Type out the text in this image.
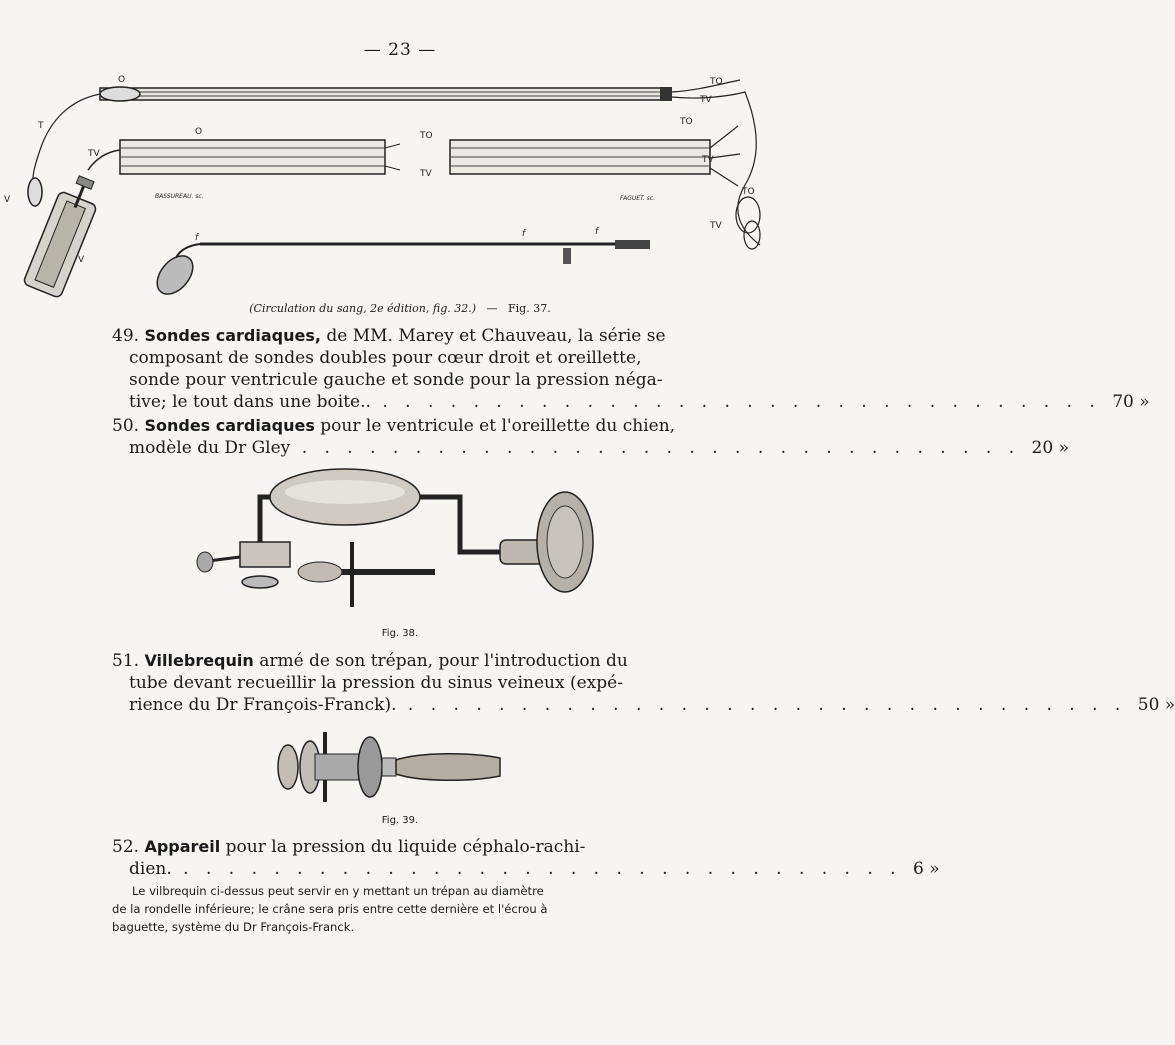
— 23 —
O	TO
TV
T
TV
O	TO
TV
TO
TV
TO
TV
V
V
BASSUREAU. sc.	FAGUET. sc.
f	f	f
(Circulation du sang, 2e édition, fig. 32.) — Fig. 37.
49. Sondes cardiaques, de MM. Marey et Chauveau, la série se
composant de sondes doubles pour cœur droit et oreillette,
sonde pour ventricule gauche et sonde pour la pression néga-
tive; le tout dans une boite.. . . . . . . . . . . . . . . . . . . . . . . . . . . . . . . . . 70 »
50. Sondes cardiaques pour le ventricule et l'oreillette du chien,
modèle du Dr Gley . . . . . . . . . . . . . . . . . . . . . . . . . . . . . . . . 20 »
Fig. 38.
51. Villebrequin armé de son trépan, pour l'introduction du
tube devant recueillir la pression du sinus veineux (expé-
rience du Dr François-Franck). . . . . . . . . . . . . . . . . . . . . . . . . . . . . . . . . 50 »
Fig. 39.
52. Appareil pour la pression du liquide céphalo-rachi-
dien. . . . . . . . . . . . . . . . . . . . . . . . . . . . . . . . . 6 »
Le vilbrequin ci-dessus peut servir en y mettant un trépan au diamètre
de la rondelle inférieure; le crâne sera pris entre cette dernière et l'écrou à
baguette, système du Dr François-Franck.
